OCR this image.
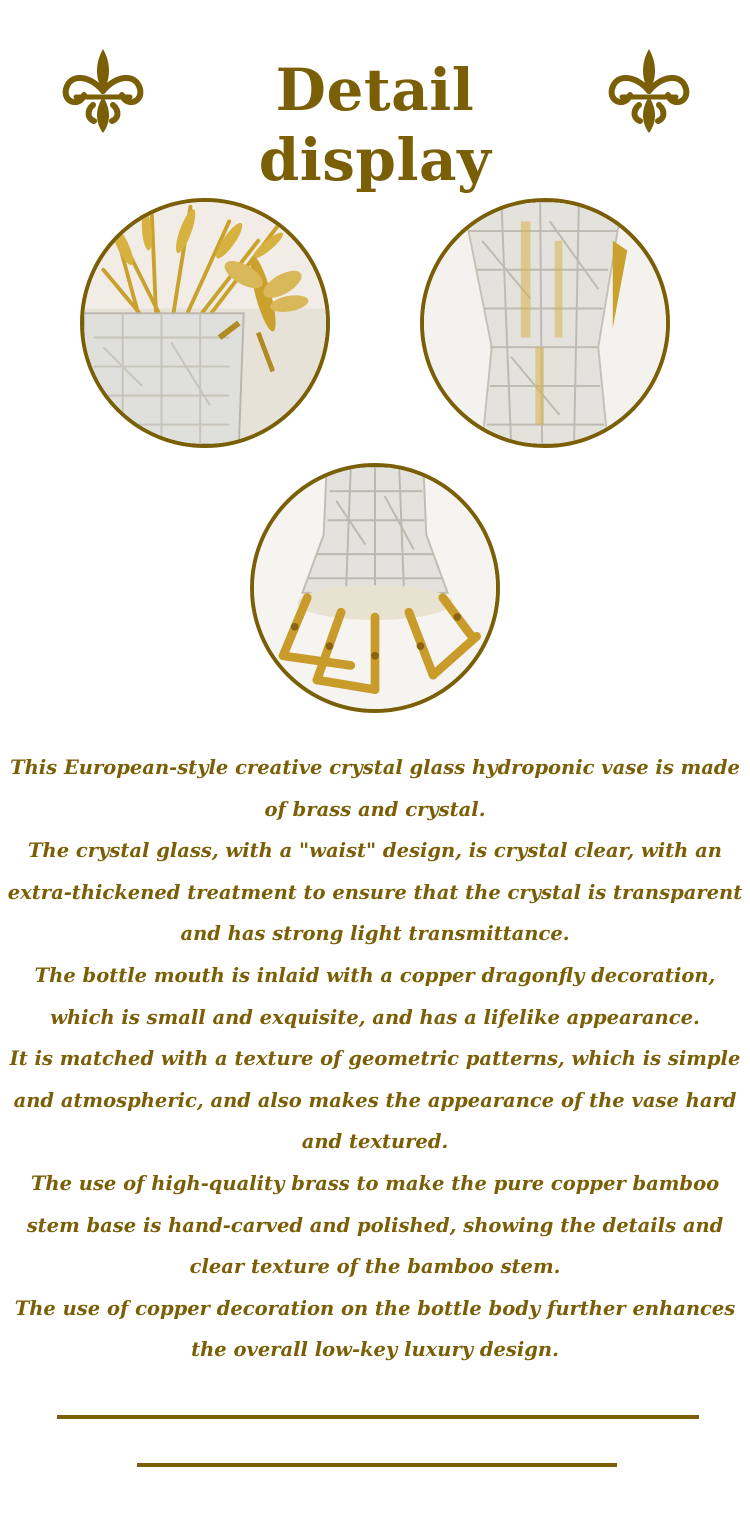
Detail display

This European-style creative crystal glass hydroponic vase is made of brass and crystal.

The crystal glass, with a "waist" design, is crystal clear, with an extra-thickened treatment to ensure that the crystal is transparent and has strong light transmittance.

The bottle mouth is inlaid with a copper dragonfly decoration, which is small and exquisite, and has a lifelike appearance.

It is matched with a texture of geometric patterns, which is simple and atmospheric, and also makes the appearance of the vase hard and textured.

The use of high-quality brass to make the pure copper bamboo stem base is hand-carved and polished, showing the details and clear texture of the bamboo stem.

The use of copper decoration on the bottle body further enhances the overall low-key luxury design.
